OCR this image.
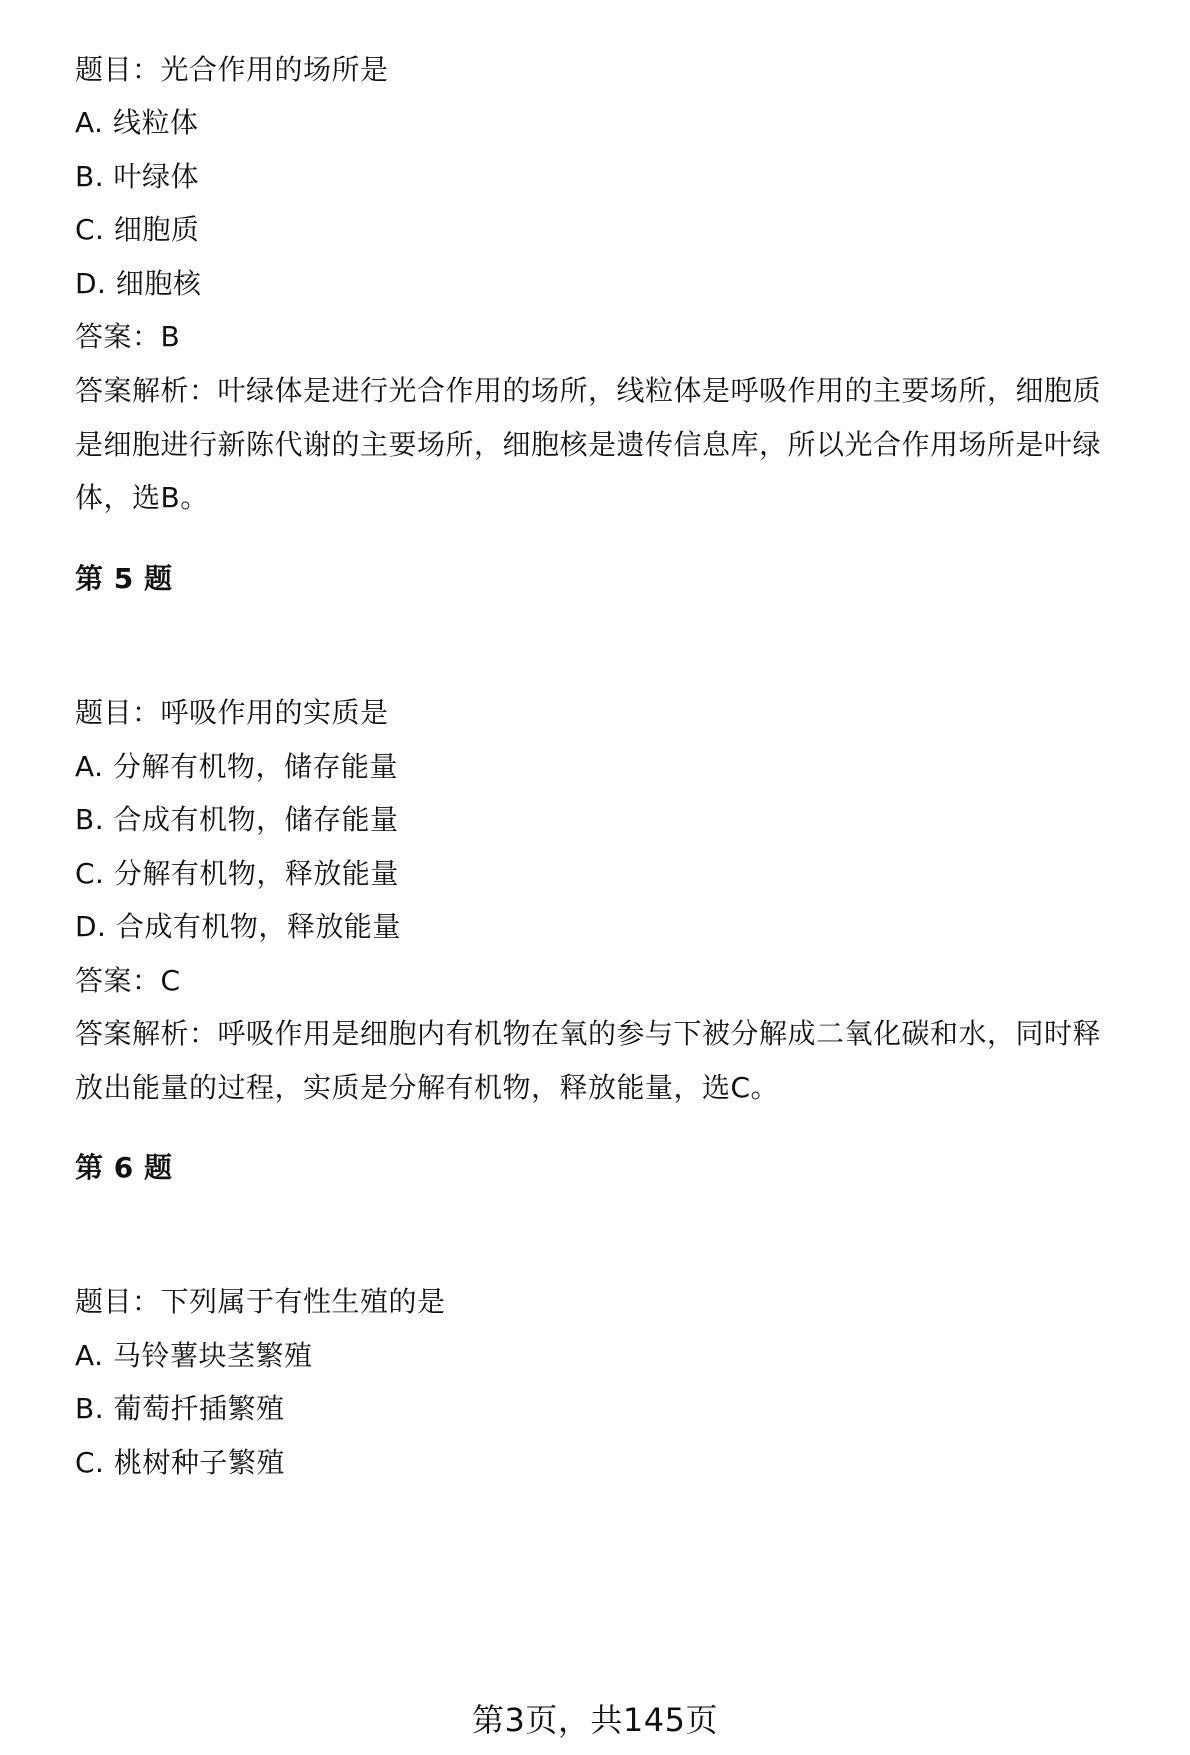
题目：光合作用的场所是
A. 线粒体
B. 叶绿体
C. 细胞质
D. 细胞核
答案：B
答案解析：叶绿体是进行光合作用的场所，线粒体是呼吸作用的主要场所，细胞质
是细胞进行新陈代谢的主要场所，细胞核是遗传信息库，所以光合作用场所是叶绿
体，选B。
第 5 题
题目：呼吸作用的实质是
A. 分解有机物，储存能量
B. 合成有机物，储存能量
C. 分解有机物，释放能量
D. 合成有机物，释放能量
答案：C
答案解析：呼吸作用是细胞内有机物在氧的参与下被分解成二氧化碳和水，同时释
放出能量的过程，实质是分解有机物，释放能量，选C。
第 6 题
题目：下列属于有性生殖的是
A. 马铃薯块茎繁殖
B. 葡萄扦插繁殖
C. 桃树种子繁殖
第3页，共145页
